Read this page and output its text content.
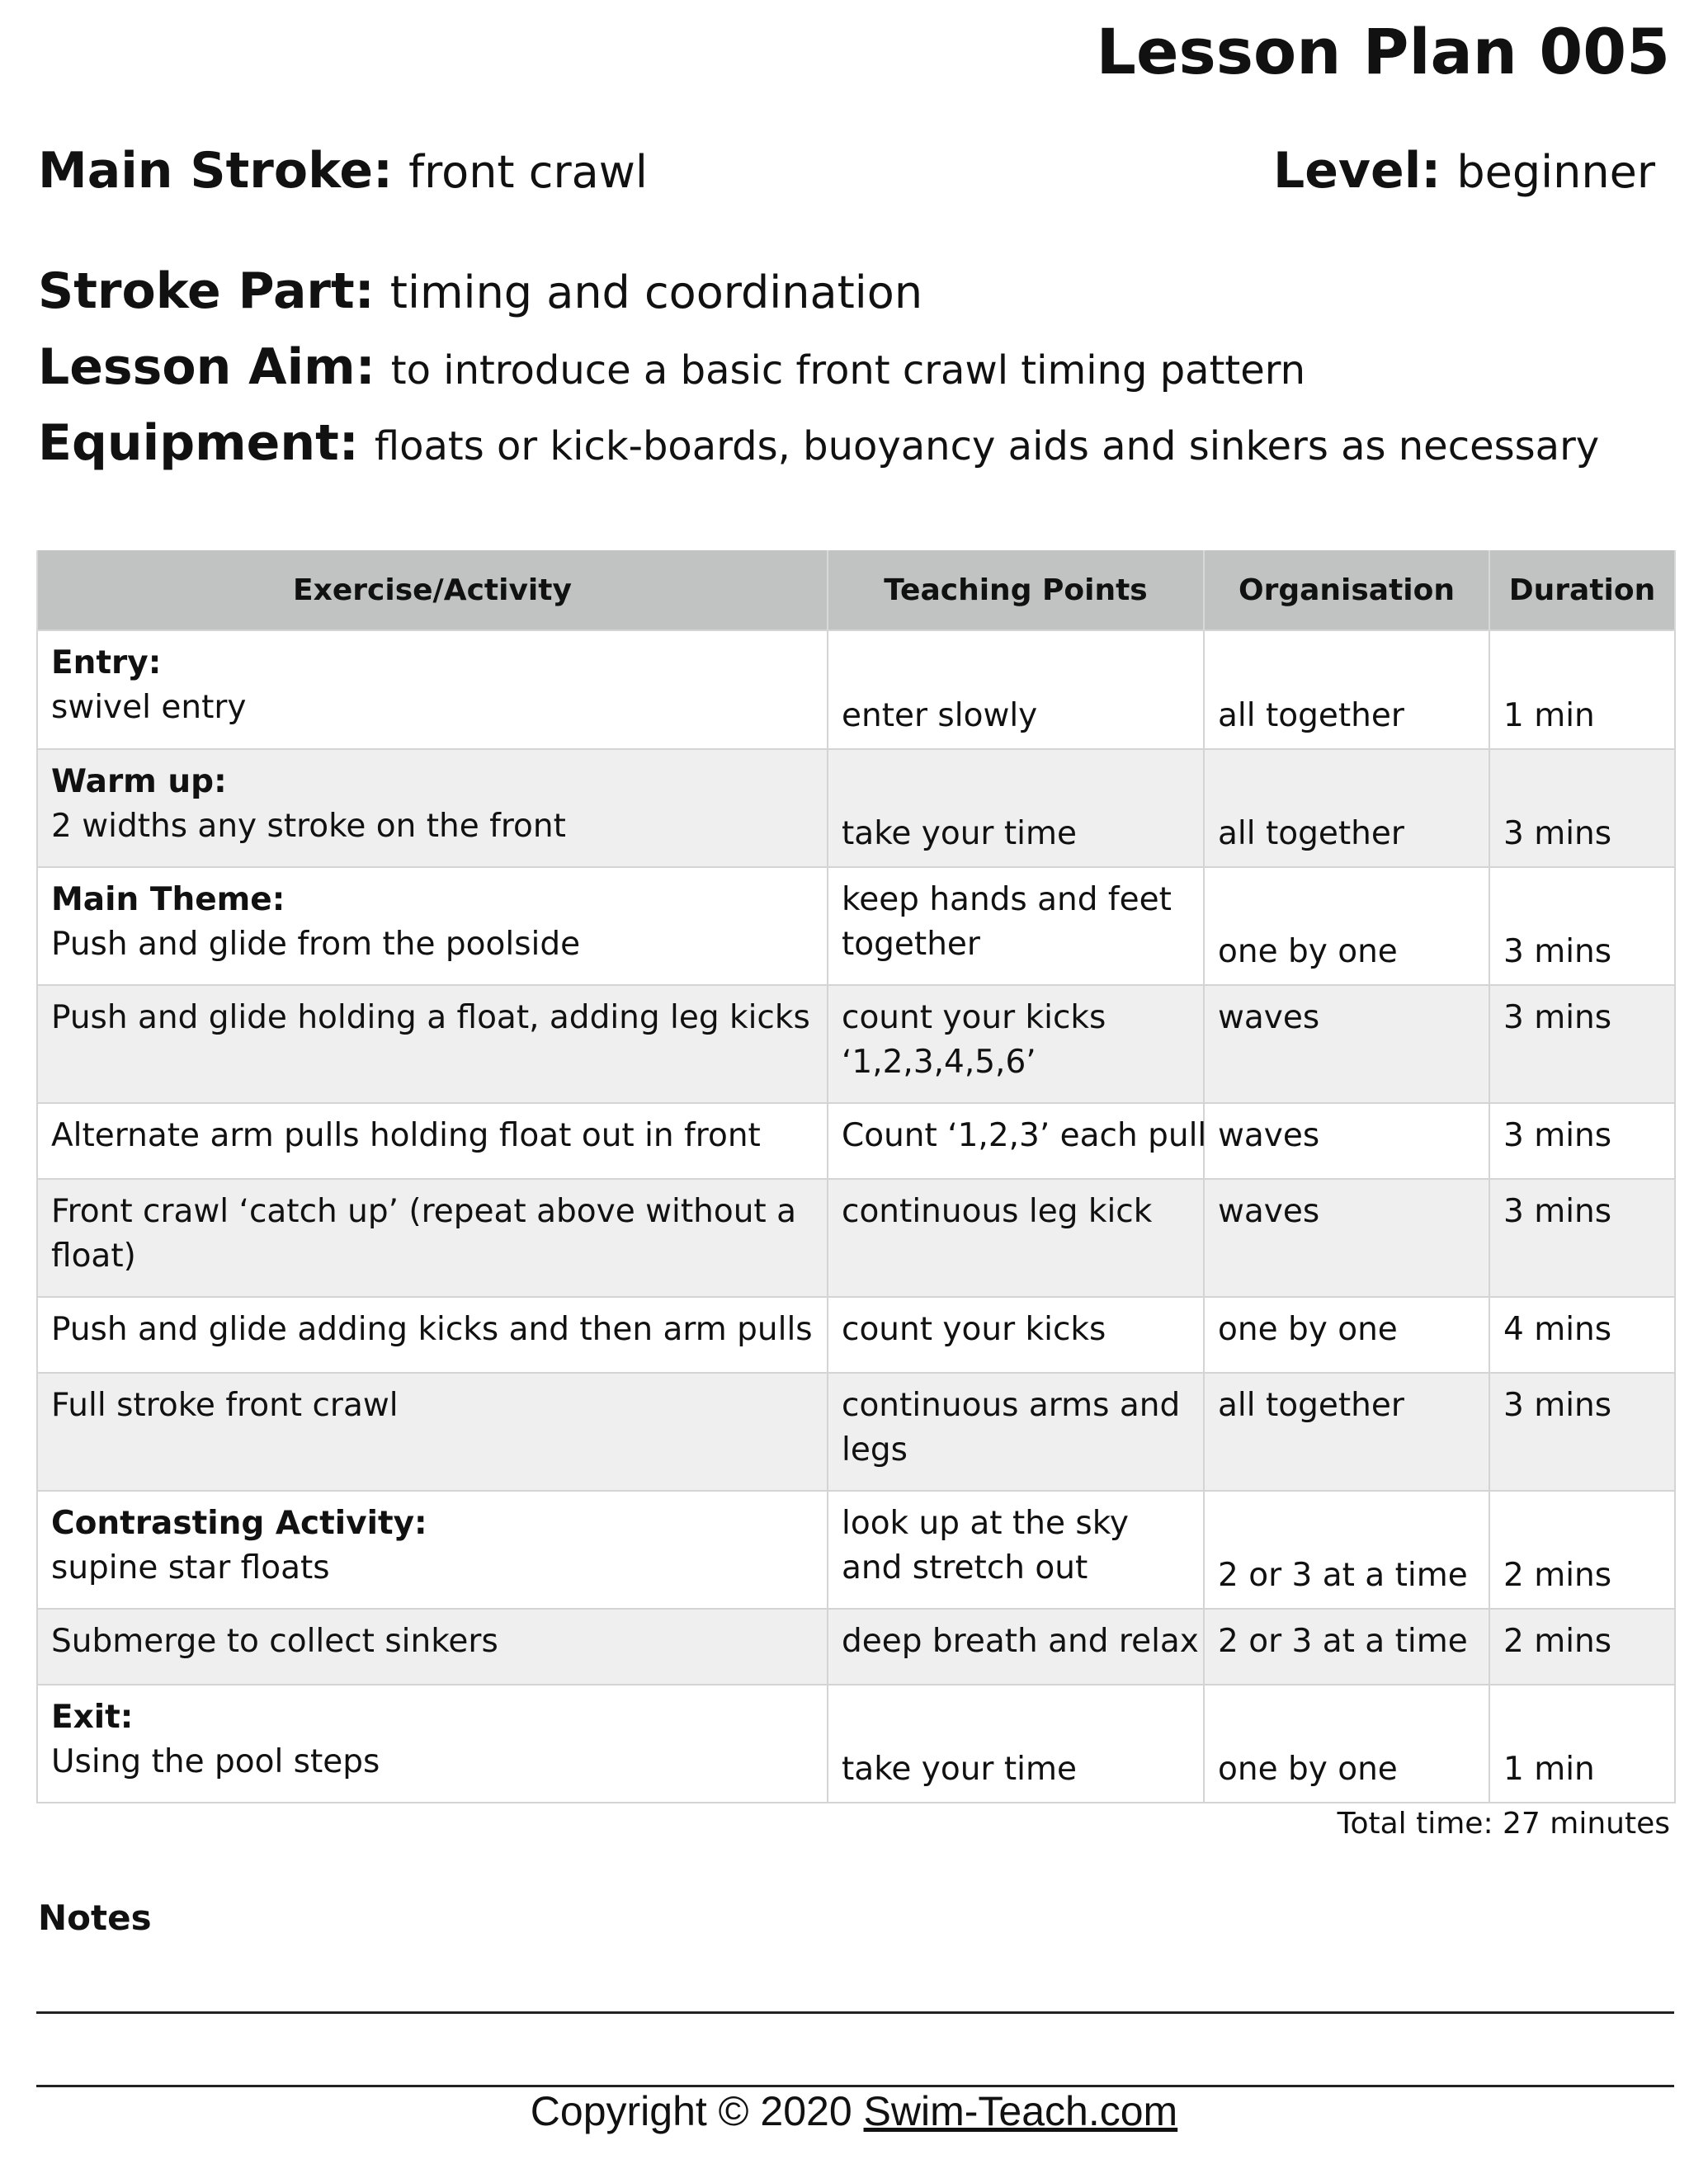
Lesson Plan 005
Main Stroke: front crawl	Level: beginner
Stroke Part: timing and coordination
Lesson Aim: to introduce a basic front crawl timing pattern
Equipment: floats or kick-boards, buoyancy aids and sinkers as necessary
Exercise/Activity	Teaching Points	Organisation	Duration

Entry:
swivel entry	enter slowly	all together	1 min

Warm up:
2 widths any stroke on the front	take your time	all together	3 mins

Main Theme:
Push and glide from the poolside	keep hands and feet together	one by one	3 mins
Push and glide holding a float, adding leg kicks	count your kicks ‘1,2,3,4,5,6’	waves	3 mins
Alternate arm pulls holding float out in front	Count ‘1,2,3’ each pull	waves	3 mins
Front crawl ‘catch up’ (repeat above without a float)	continuous leg kick	waves	3 mins
Push and glide adding kicks and then arm pulls	count your kicks	one by one	4 mins
Full stroke front crawl	continuous arms and legs	all together	3 mins

Contrasting Activity:
supine star floats	look up at the sky and stretch out	2 or 3 at a time	2 mins
Submerge to collect sinkers	deep breath and relax	2 or 3 at a time	2 mins

Exit:
Using the pool steps	take your time	one by one	1 min
Total time: 27 minutes
Notes
Copyright © 2020 Swim-Teach.com
